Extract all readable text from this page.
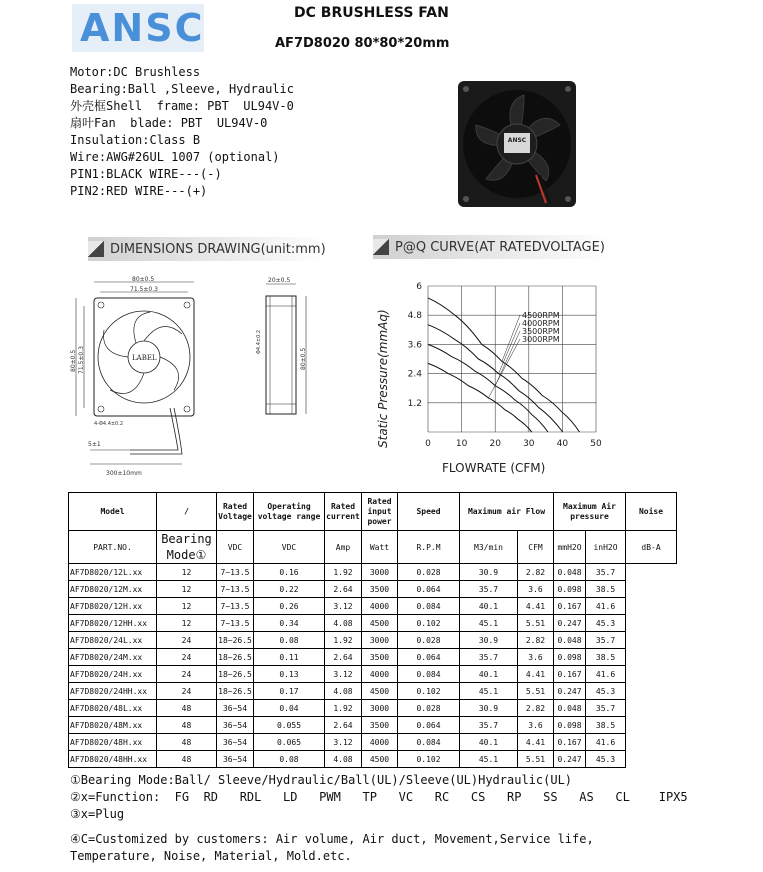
ANSC	DC BRUSHLESS FAN
AF7D8020 80*80*20mm
Motor:DC Brushless
Bearing:Ball ,Sleeve, Hydraulic
外壳框Shell  frame: PBT  UL94V-0
扇叶Fan  blade: PBT  UL94V-0
Insulation:Class B
Wire:AWG#26UL 1007 (optional)
PIN1:BLACK WIRE---(-)
PIN2:RED WIRE---(+)
ANSC
DIMENSIONS DRAWING(unit:mm)	P@Q CURVE(AT RATEDVOLTAGE)
80±0.5
71.5±0.3
80±0.5 71.5±0.3	LABEL
4-Φ4.4±0.2
5±1
300±10mm
20±0.5
Φ4.4±0.2
80±0.5	Static Pressure(mmAq)
FLOWRATE (CFM)
0	10 20 30 40 50
6
4.8
3.6
2.4
1.2
4500RPM
4000RPM
3500RPM
3000RPM
Model	/	Rated Voltage	Operating voltage range	Rated current	Rated input power	Speed	Maximum air Flow		Maximum Air pressure		Noise
PART.NO.	Bearing Mode①	VDC	VDC	Amp	Watt	R.P.M	M3/min	CFM	mmH2O	inH2O	dB-A
AF7D8020/12L.xx	12	7~13.5	0.16	1.92	3000	0.028	30.9	2.82	0.048	35.7	
AF7D8020/12M.xx	12	7~13.5	0.22	2.64	3500	0.064	35.7	3.6	0.098	38.5	
AF7D8020/12H.xx	12	7~13.5	0.26	3.12	4000	0.084	40.1	4.41	0.167	41.6	
AF7D8020/12HH.xx	12	7~13.5	0.34	4.08	4500	0.102	45.1	5.51	0.247	45.3	
AF7D8020/24L.xx	24	18~26.5	0.08	1.92	3000	0.028	30.9	2.82	0.048	35.7	
AF7D8020/24M.xx	24	18~26.5	0.11	2.64	3500	0.064	35.7	3.6	0.098	38.5	
AF7D8020/24H.xx	24	18~26.5	0.13	3.12	4000	0.084	40.1	4.41	0.167	41.6	
AF7D8020/24HH.xx	24	18~26.5	0.17	4.08	4500	0.102	45.1	5.51	0.247	45.3	
AF7D8020/48L.xx	48	36~54	0.04	1.92	3000	0.028	30.9	2.82	0.048	35.7	
AF7D8020/48M.xx	48	36~54	0.055	2.64	3500	0.064	35.7	3.6	0.098	38.5	
AF7D8020/48H.xx	48	36~54	0.065	3.12	4000	0.084	40.1	4.41	0.167	41.6	
AF7D8020/48HH.xx	48	36~54	0.08	4.08	4500	0.102	45.1	5.51	0.247	45.3	
①Bearing Mode:Ball/ Sleeve/Hydraulic/Ball(UL)/Sleeve(UL)Hydraulic(UL)
②x=Function:  FG  RD   RDL   LD   PWM   TP   VC   RC   CS   RP   SS   AS   CL    IPX5
③x=Plug
④C=Customized by customers: Air volume, Air duct, Movement,Service life,
Temperature, Noise, Material, Mold.etc.
